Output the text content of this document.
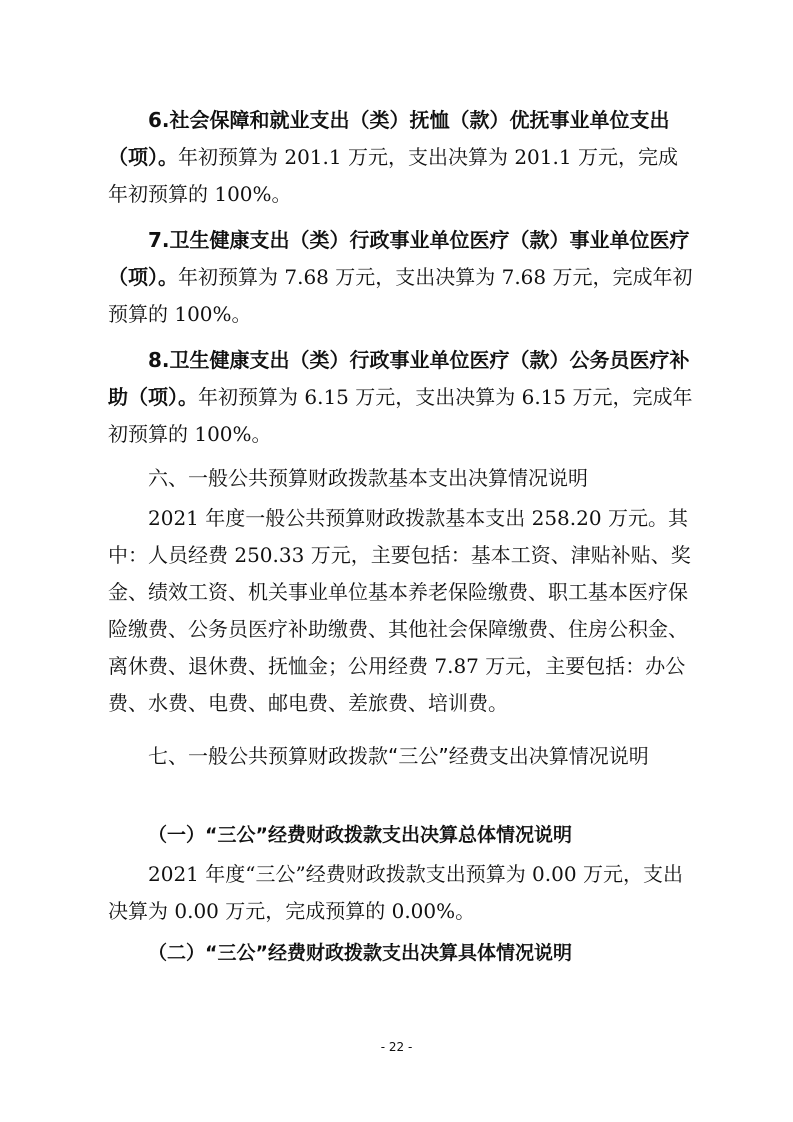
6.社会保障和就业支出（类）抚恤（款）优抚事业单位支出（项）。年初预算为 201.1 万元，支出决算为 201.1 万元，完成年初预算的 100%。

7.卫生健康支出（类）行政事业单位医疗（款）事业单位医疗（项）。年初预算为 7.68 万元，支出决算为 7.68 万元，完成年初预算的 100%。

8.卫生健康支出（类）行政事业单位医疗（款）公务员医疗补助（项）。年初预算为 6.15 万元，支出决算为 6.15 万元，完成年初预算的 100%。

六、一般公共预算财政拨款基本支出决算情况说明

2021 年度一般公共预算财政拨款基本支出 258.20 万元。其中：人员经费 250.33 万元，主要包括：基本工资、津贴补贴、奖金、绩效工资、机关事业单位基本养老保险缴费、职工基本医疗保险缴费、公务员医疗补助缴费、其他社会保障缴费、住房公积金、离休费、退休费、抚恤金；公用经费 7.87 万元，主要包括：办公费、水费、电费、邮电费、差旅费、培训费。

七、一般公共预算财政拨款“三公”经费支出决算情况说明

（一）“三公”经费财政拨款支出决算总体情况说明

2021 年度“三公”经费财政拨款支出预算为 0.00 万元，支出决算为 0.00 万元，完成预算的 0.00%。

（二）“三公”经费财政拨款支出决算具体情况说明

- 22 -
